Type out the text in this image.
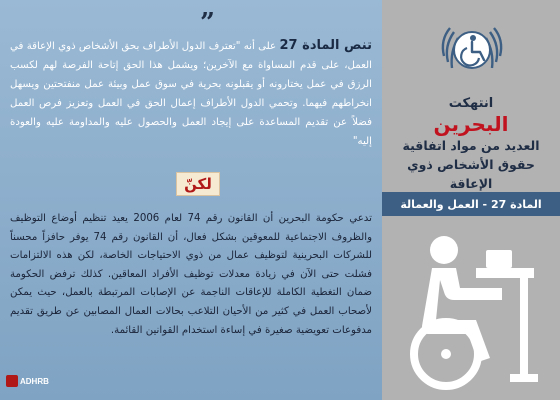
”

تنص المادة 27 على أنه "تعترف الدول الأطراف بحق الأشخاص ذوي الإعاقة في العمل، على قدم المساواة مع الآخرين؛ ويشمل هذا الحق إتاحة الفرصة لهم لكسب الرزق في عمل يختارونه أو يقبلونه بحرية في سوق عمل وبيئة عمل منفتحتين ويسهل انخراطهم فيهما. وتحمي الدول الأطراف إعمال الحق في العمل وتعزيز فرص العمل فضلاً عن تقديم المساعدة على إيجاد العمل والحصول عليه والمداومة عليه والعودة إليه"

لكنّ

تدعي حكومة البحرين أن القانون رقم 74 لعام 2006 يعيد تنظيم أوضاع التوظيف والظروف الاجتماعية للمعوقين بشكل فعال، أن القانون رقم 74 يوفر حافزاً محسناً للشركات البحرينية لتوظيف عمال من ذوي الاحتياجات الخاصة، لكن هذه الالتزامات فشلت حتى الآن في زيادة معدلات توظيف الأفراد المعاقين. كذلك ترفض الحكومة ضمان التغطية الكاملة للإعاقات الناجمة عن الإصابات المرتبطة بالعمل، حيث يمكن لأصحاب العمل في كثير من الأحيان التلاعب بحالات العمال المصابين عن طريق تقديم مدفوعات تعويضية صغيرة في إساءة استخدام القوانين القائمة.

ADHRB
انتهكت
البحرين
العديد من مواد اتفاقية
حقوق الأشخاص ذوي
الإعاقة
المادة 27 - العمل والعمالة
